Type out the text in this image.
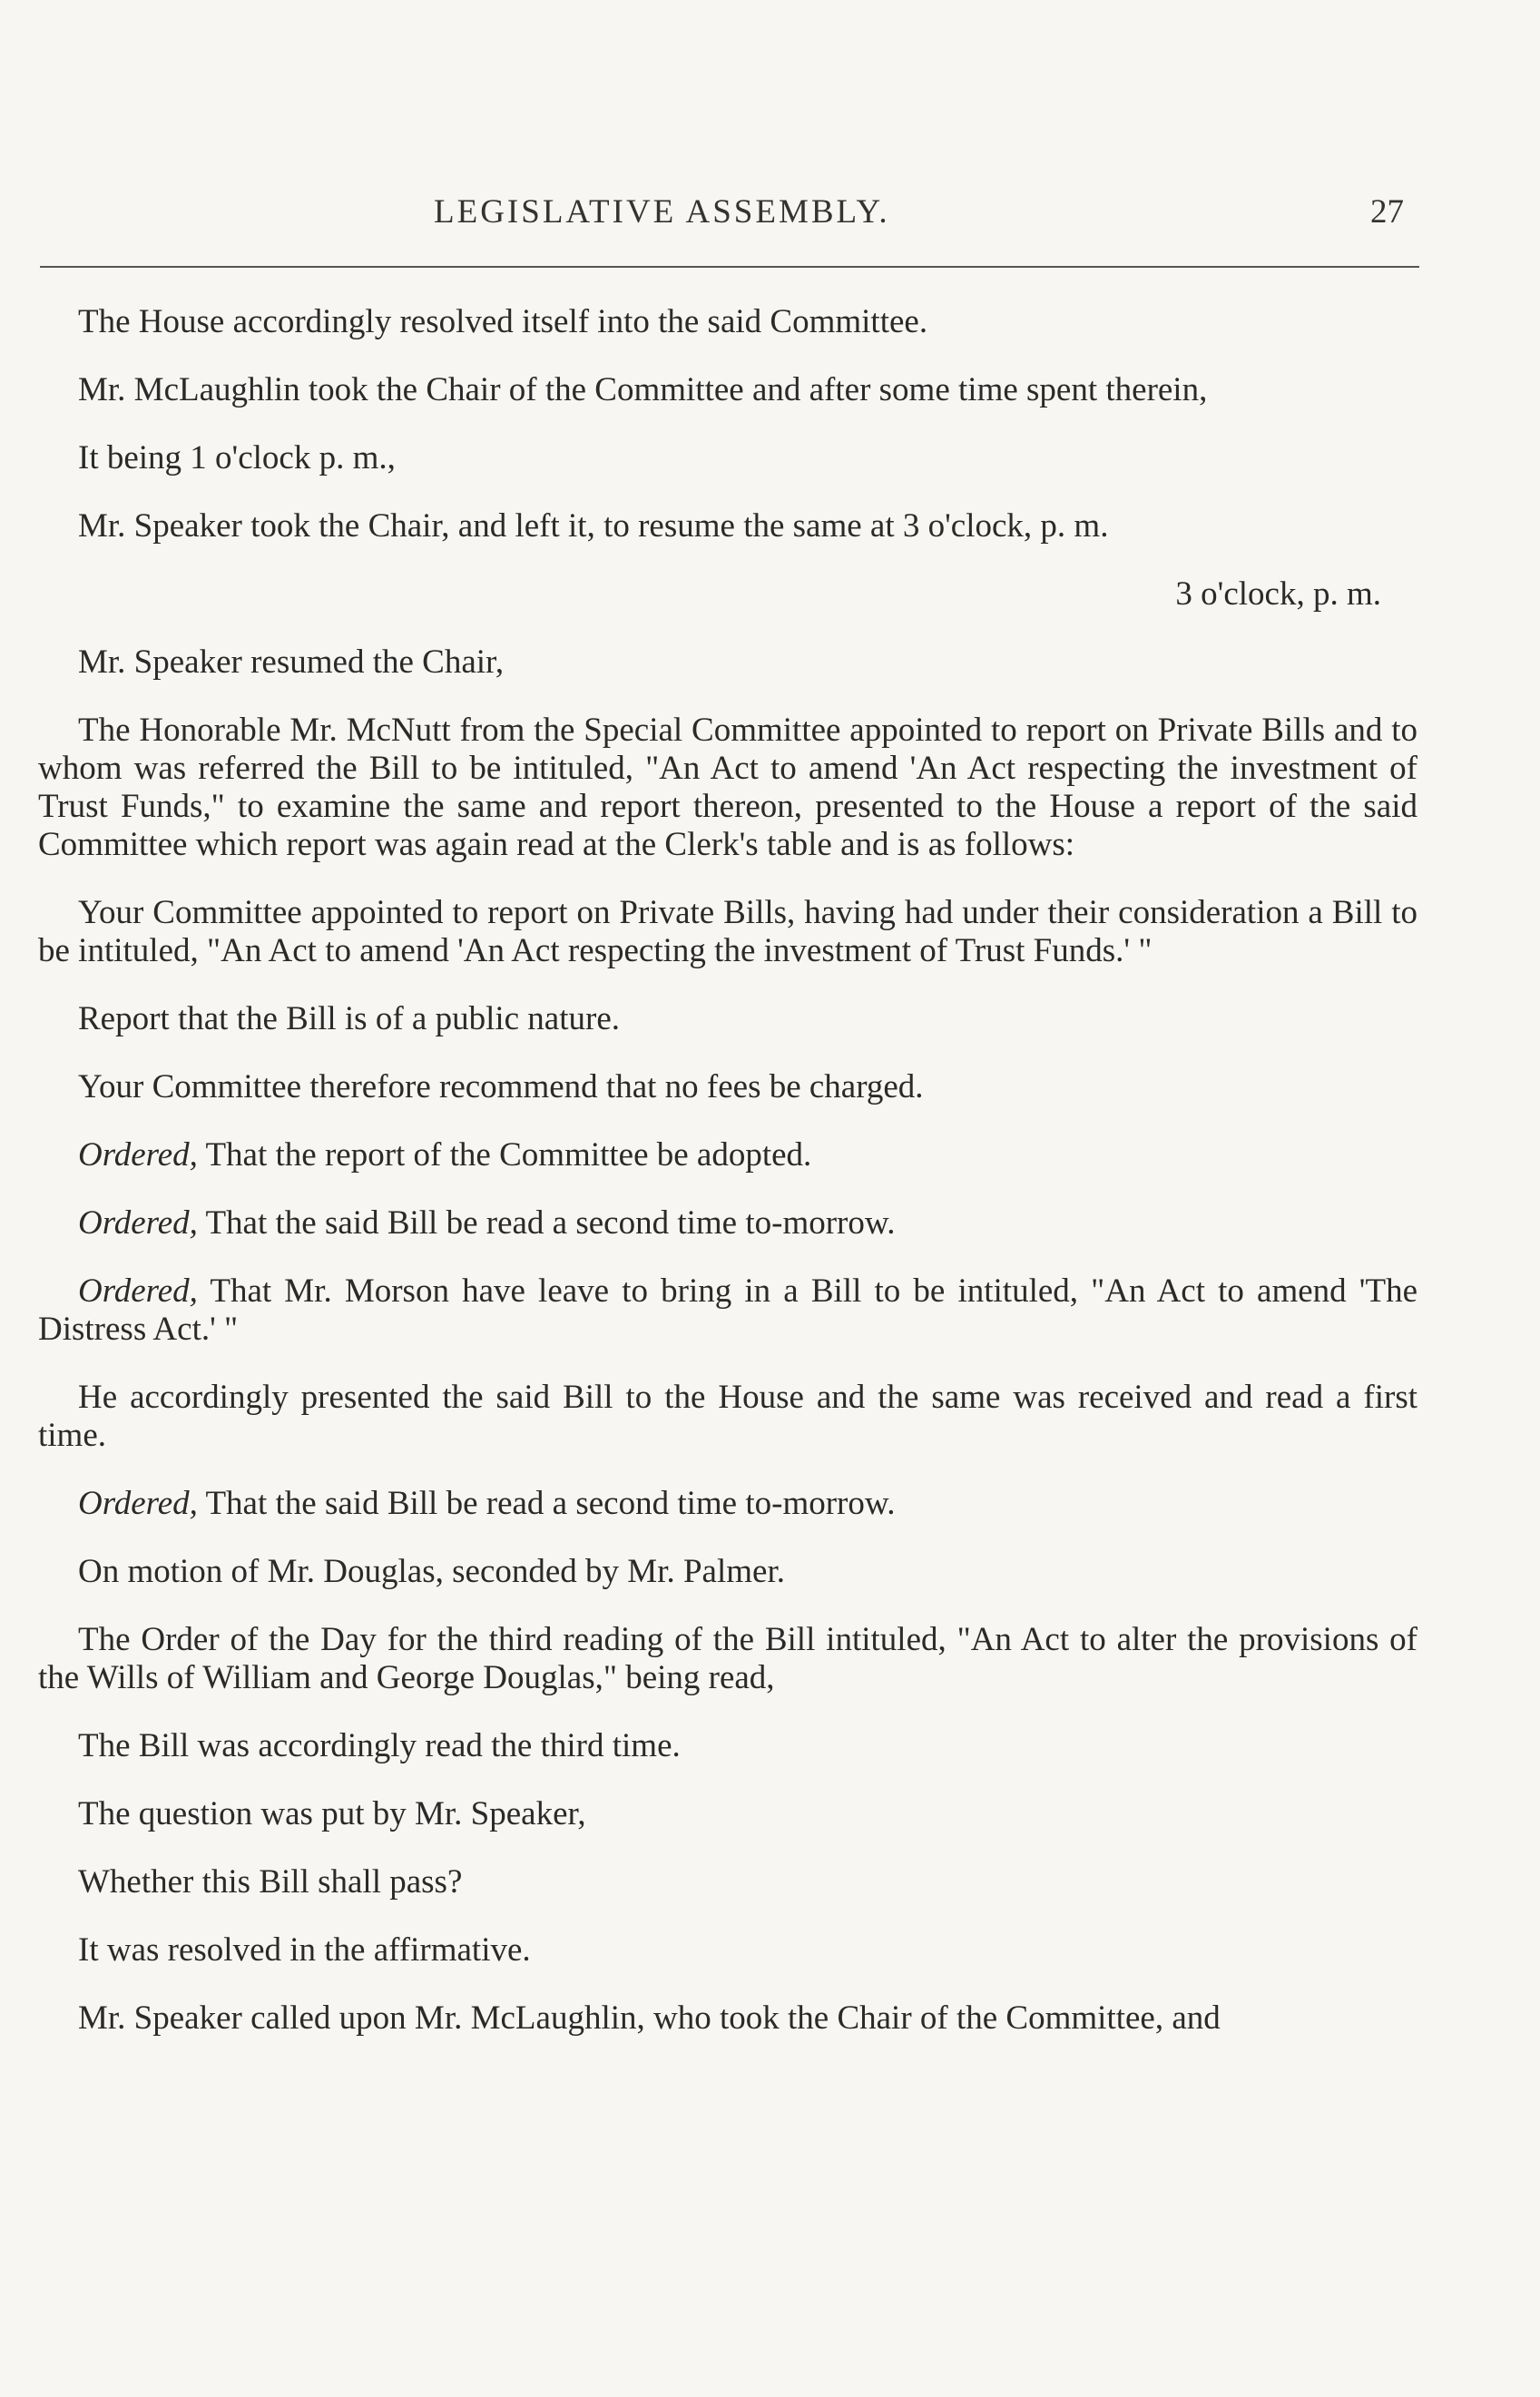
LEGISLATIVE ASSEMBLY.	27

The House accordingly resolved itself into the said Committee.

Mr. McLaughlin took the Chair of the Committee and after some time spent therein,

It being 1 o'clock p. m.,

Mr. Speaker took the Chair, and left it, to resume the same at 3 o'clock, p. m.

3 o'clock, p. m.

Mr. Speaker resumed the Chair,

The Honorable Mr. McNutt from the Special Committee appointed to report on Private Bills and to whom was referred the Bill to be intituled, "An Act to amend 'An Act respecting the investment of Trust Funds," to examine the same and report thereon, presented to the House a report of the said Committee which report was again read at the Clerk's table and is as follows:

Your Committee appointed to report on Private Bills, having had under their consideration a Bill to be intituled, "An Act to amend 'An Act respecting the investment of Trust Funds.' "

Report that the Bill is of a public nature.

Your Committee therefore recommend that no fees be charged.

Ordered, That the report of the Committee be adopted.

Ordered, That the said Bill be read a second time to-morrow.

Ordered, That Mr. Morson have leave to bring in a Bill to be intituled, "An Act to amend 'The Distress Act.' "

He accordingly presented the said Bill to the House and the same was received and read a first time.

Ordered, That the said Bill be read a second time to-morrow.

On motion of Mr. Douglas, seconded by Mr. Palmer.

The Order of the Day for the third reading of the Bill intituled, "An Act to alter the provisions of the Wills of William and George Douglas," being read,

The Bill was accordingly read the third time.

The question was put by Mr. Speaker,

Whether this Bill shall pass?

It was resolved in the affirmative.

Mr. Speaker called upon Mr. McLaughlin, who took the Chair of the Committee, and
